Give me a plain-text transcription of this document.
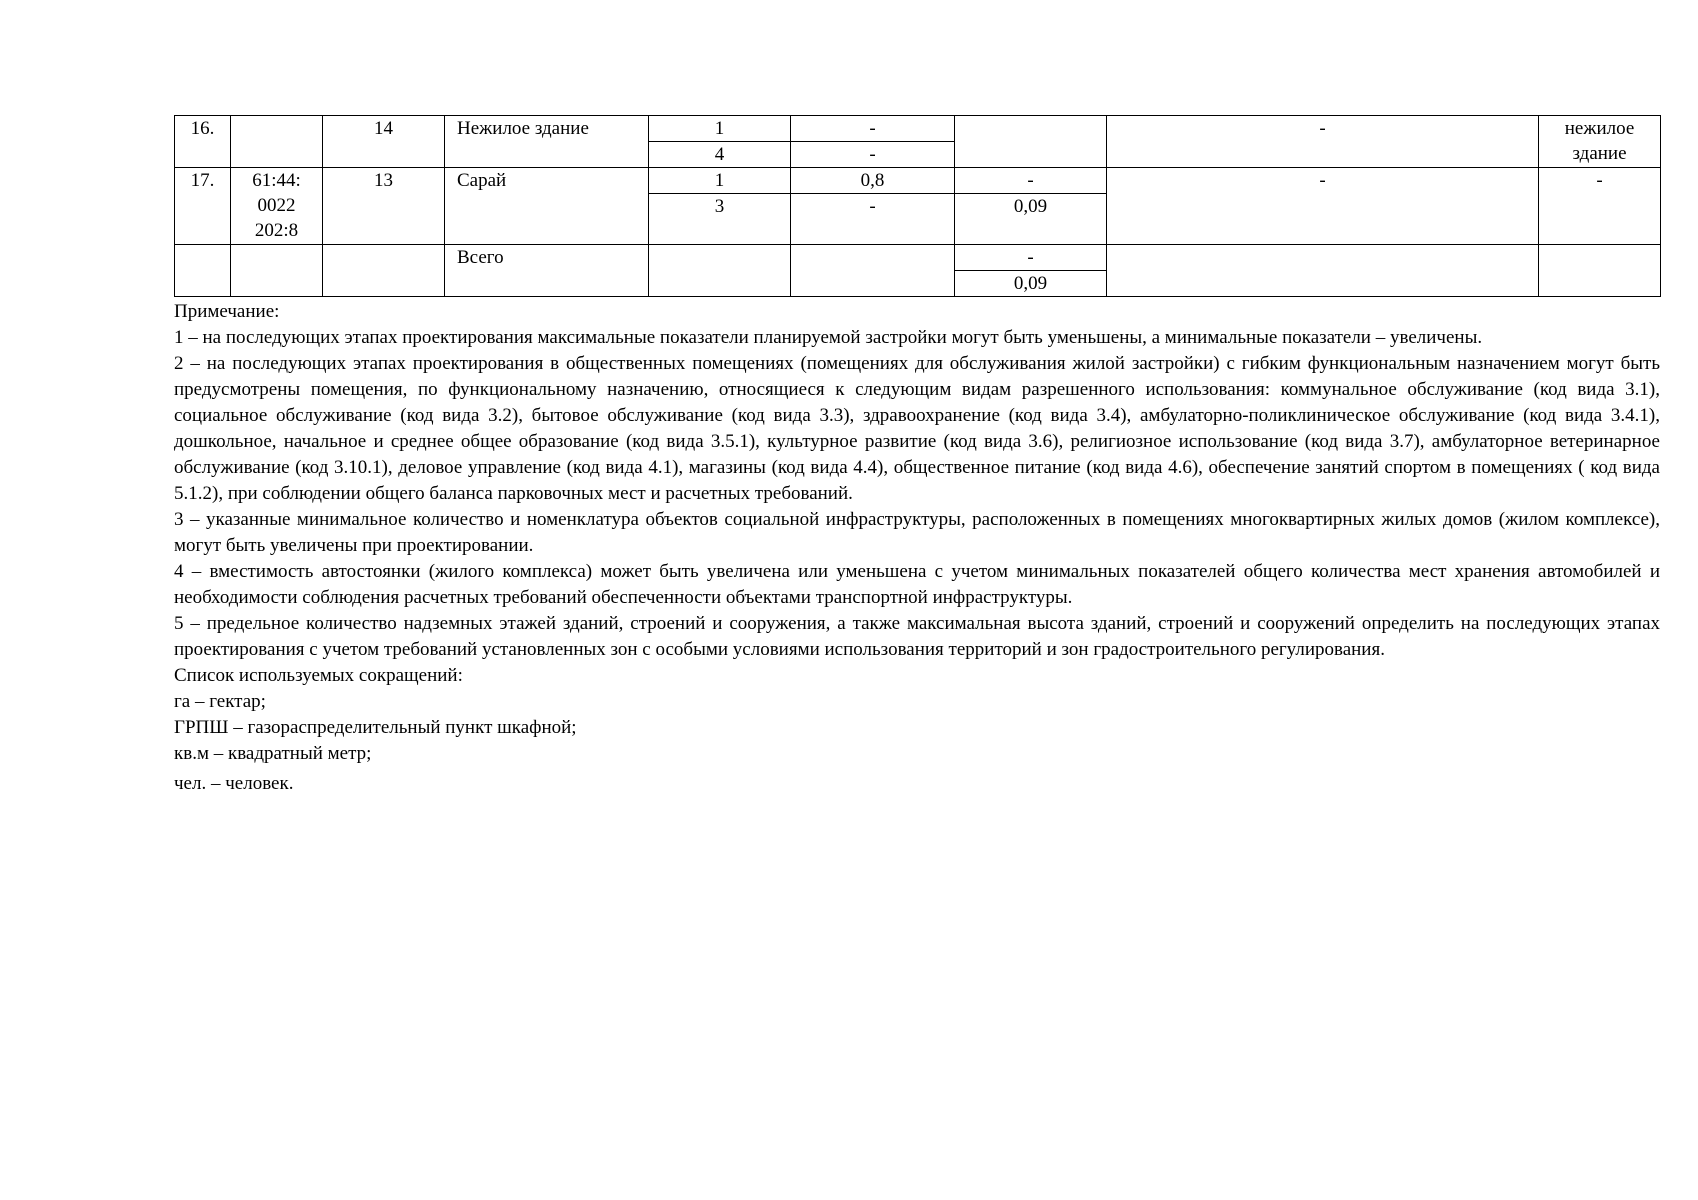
16.		14	Нежилое здание	1	-		-	нежилое здание
				4	-			
17.	61:44:
0022
202:8	13	Сарай	1	0,8	-	-	-
				3	-	0,09		
			Всего			-		
						0,09		

Примечание:

1 – на последующих этапах проектирования максимальные показатели планируемой застройки могут быть уменьшены, а минимальные показатели – увеличены.

2 – на последующих этапах проектирования в общественных помещениях (помещениях для обслуживания жилой застройки) с гибким функциональным назначением могут быть предусмотрены помещения, по функциональному назначению, относящиеся к следующим видам разрешенного использования: коммунальное обслуживание (код вида 3.1), социальное обслуживание (код вида 3.2), бытовое обслуживание (код вида 3.3), здравоохранение (код вида 3.4), амбулаторно-поликлиническое обслуживание (код вида 3.4.1), дошкольное, начальное и среднее общее образование (код вида 3.5.1), культурное развитие (код вида 3.6), религиозное использование (код вида 3.7), амбулаторное ветеринарное обслуживание (код 3.10.1), деловое управление (код вида 4.1), магазины (код вида 4.4), общественное питание (код вида 4.6), обеспечение занятий спортом в помещениях ( код вида 5.1.2), при соблюдении общего баланса парковочных мест и расчетных требований.

3 – указанные минимальное количество и номенклатура объектов социальной инфраструктуры, расположенных в помещениях многоквартирных жилых домов (жилом комплексе), могут быть увеличены при проектировании.

4 – вместимость автостоянки (жилого комплекса) может быть увеличена или уменьшена с учетом минимальных показателей общего количества мест хранения автомобилей и необходимости соблюдения расчетных требований обеспеченности объектами транспортной инфраструктуры.

5 – предельное количество надземных этажей зданий, строений и сооружения, а также максимальная высота зданий, строений и сооружений определить на последующих этапах проектирования с учетом требований установленных зон с особыми условиями использования территорий и зон градостроительного регулирования.

Список используемых сокращений:

га – гектар;

ГРПШ – газораспределительный пункт шкафной;

кв.м – квадратный метр;

чел. – человек.
